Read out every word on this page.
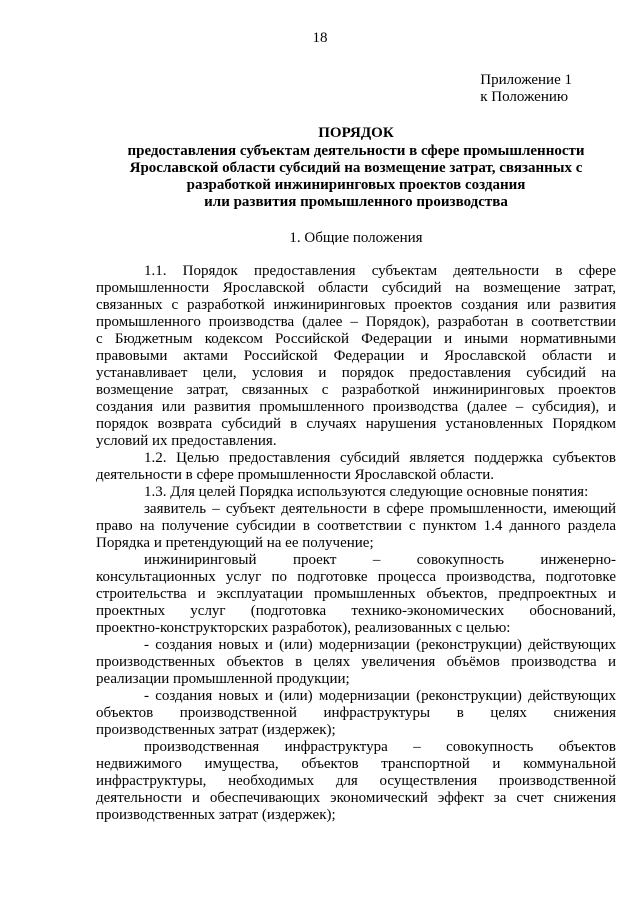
18
Приложение 1
к Положению
ПОРЯДОК
предоставления субъектам деятельности в сфере промышленности
Ярославской области субсидий на возмещение затрат, связанных с
разработкой инжиниринговых проектов создания
или развития промышленного производства
1. Общие положения
1.1. Порядок предоставления субъектам деятельности в сфере
промышленности Ярославской области субсидий на возмещение затрат,
связанных с разработкой инжиниринговых проектов создания или развития
промышленного производства (далее – Порядок), разработан в соответствии
с Бюджетным кодексом Российской Федерации и иными нормативными
правовыми актами Российской Федерации и Ярославской области и
устанавливает цели, условия и порядок предоставления субсидий на
возмещение затрат, связанных с разработкой инжиниринговых проектов
создания или развития промышленного производства (далее – субсидия), и
порядок возврата субсидий в случаях нарушения установленных Порядком
условий их предоставления.
1.2. Целью предоставления субсидий является поддержка субъектов
деятельности в сфере промышленности Ярославской области.
1.3. Для целей Порядка используются следующие основные понятия:
заявитель – субъект деятельности в сфере промышленности, имеющий
право на получение субсидии в соответствии с пунктом 1.4 данного раздела
Порядка и претендующий на ее получение;
инжиниринговый проект – совокупность инженерно-
консультационных услуг по подготовке процесса производства, подготовке
строительства и эксплуатации промышленных объектов, предпроектных и
проектных услуг (подготовка технико-экономических обоснований,
проектно-конструкторских разработок), реализованных с целью:
- создания новых и (или) модернизации (реконструкции) действующих
производственных объектов в целях увеличения объёмов производства и
реализации промышленной продукции;
- создания новых и (или) модернизации (реконструкции) действующих
объектов производственной инфраструктуры в целях снижения
производственных затрат (издержек);
производственная инфраструктура – совокупность объектов
недвижимого имущества, объектов транспортной и коммунальной
инфраструктуры, необходимых для осуществления производственной
деятельности и обеспечивающих экономический эффект за счет снижения
производственных затрат (издержек);
